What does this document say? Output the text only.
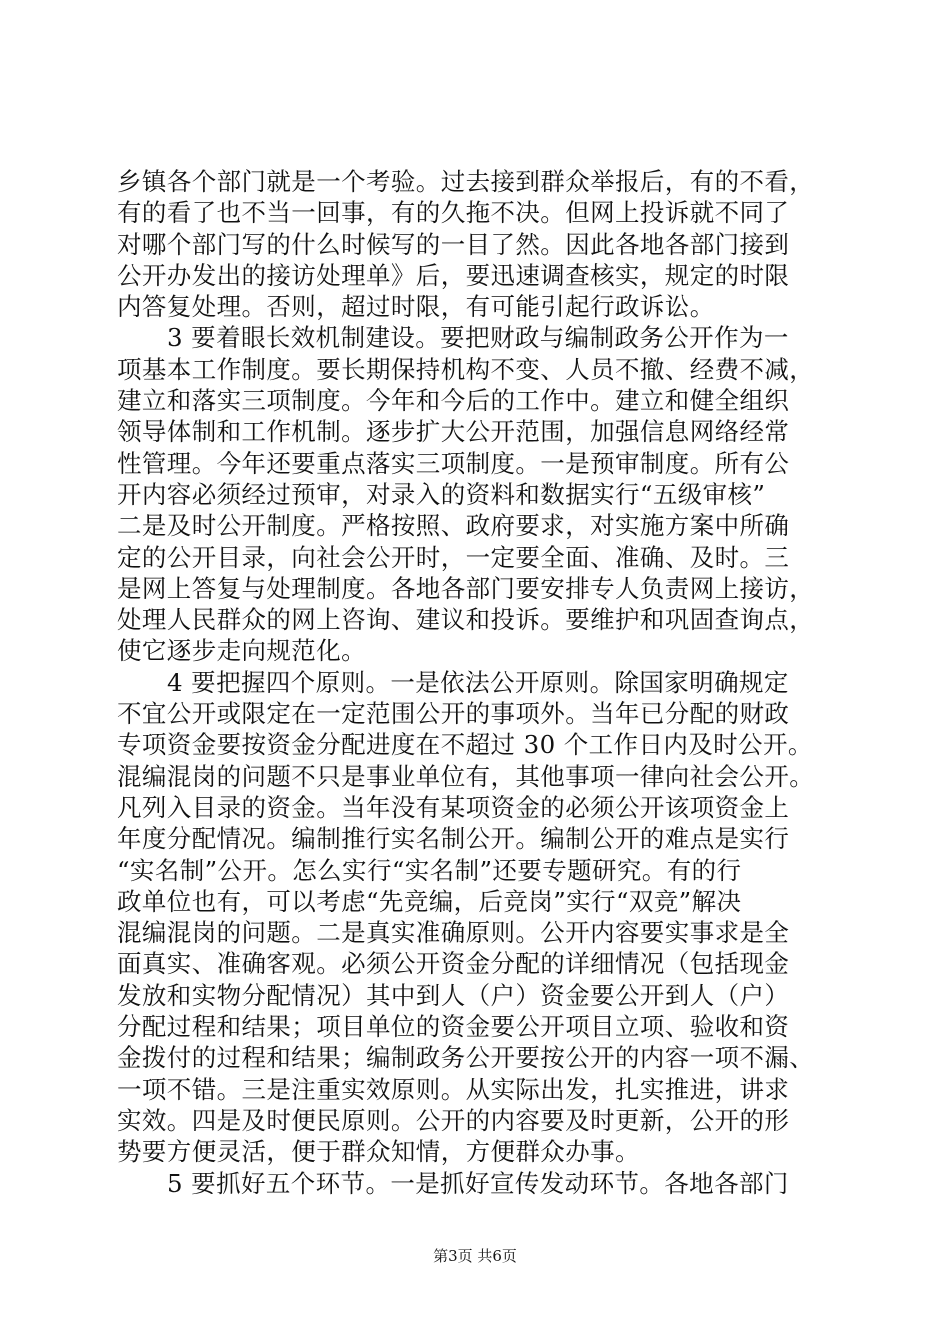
乡镇各个部门就是一个考验。过去接到群众举报后，有的不看，
有的看了也不当一回事，有的久拖不决。但网上投诉就不同了
对哪个部门写的什么时候写的一目了然。因此各地各部门接到
公开办发出的接访处理单》后，要迅速调查核实，规定的时限
内答复处理。否则，超过时限，有可能引起行政诉讼。
3 要着眼长效机制建设。要把财政与编制政务公开作为一
项基本工作制度。要长期保持机构不变、人员不撤、经费不减，
建立和落实三项制度。今年和今后的工作中。建立和健全组织
领导体制和工作机制。逐步扩大公开范围，加强信息网络经常
性管理。今年还要重点落实三项制度。一是预审制度。所有公
开内容必须经过预审，对录入的资料和数据实行“五级审核”
二是及时公开制度。严格按照、政府要求，对实施方案中所确
定的公开目录，向社会公开时，一定要全面、准确、及时。三
是网上答复与处理制度。各地各部门要安排专人负责网上接访，
处理人民群众的网上咨询、建议和投诉。要维护和巩固查询点，
使它逐步走向规范化。
4 要把握四个原则。一是依法公开原则。除国家明确规定
不宜公开或限定在一定范围公开的事项外。当年已分配的财政
专项资金要按资金分配进度在不超过 30 个工作日内及时公开。
混编混岗的问题不只是事业单位有，其他事项一律向社会公开。
凡列入目录的资金。当年没有某项资金的必须公开该项资金上
年度分配情况。编制推行实名制公开。编制公开的难点是实行
“实名制”公开。怎么实行“实名制”还要专题研究。有的行
政单位也有，可以考虑“先竞编，后竞岗”实行“双竞”解决
混编混岗的问题。二是真实准确原则。公开内容要实事求是全
面真实、准确客观。必须公开资金分配的详细情况（包括现金
发放和实物分配情况）其中到人（户）资金要公开到人（户）
分配过程和结果；项目单位的资金要公开项目立项、验收和资
金拨付的过程和结果；编制政务公开要按公开的内容一项不漏、
一项不错。三是注重实效原则。从实际出发，扎实推进，讲求
实效。四是及时便民原则。公开的内容要及时更新，公开的形
势要方便灵活，便于群众知情，方便群众办事。
5 要抓好五个环节。一是抓好宣传发动环节。各地各部门
第3页 共6页
